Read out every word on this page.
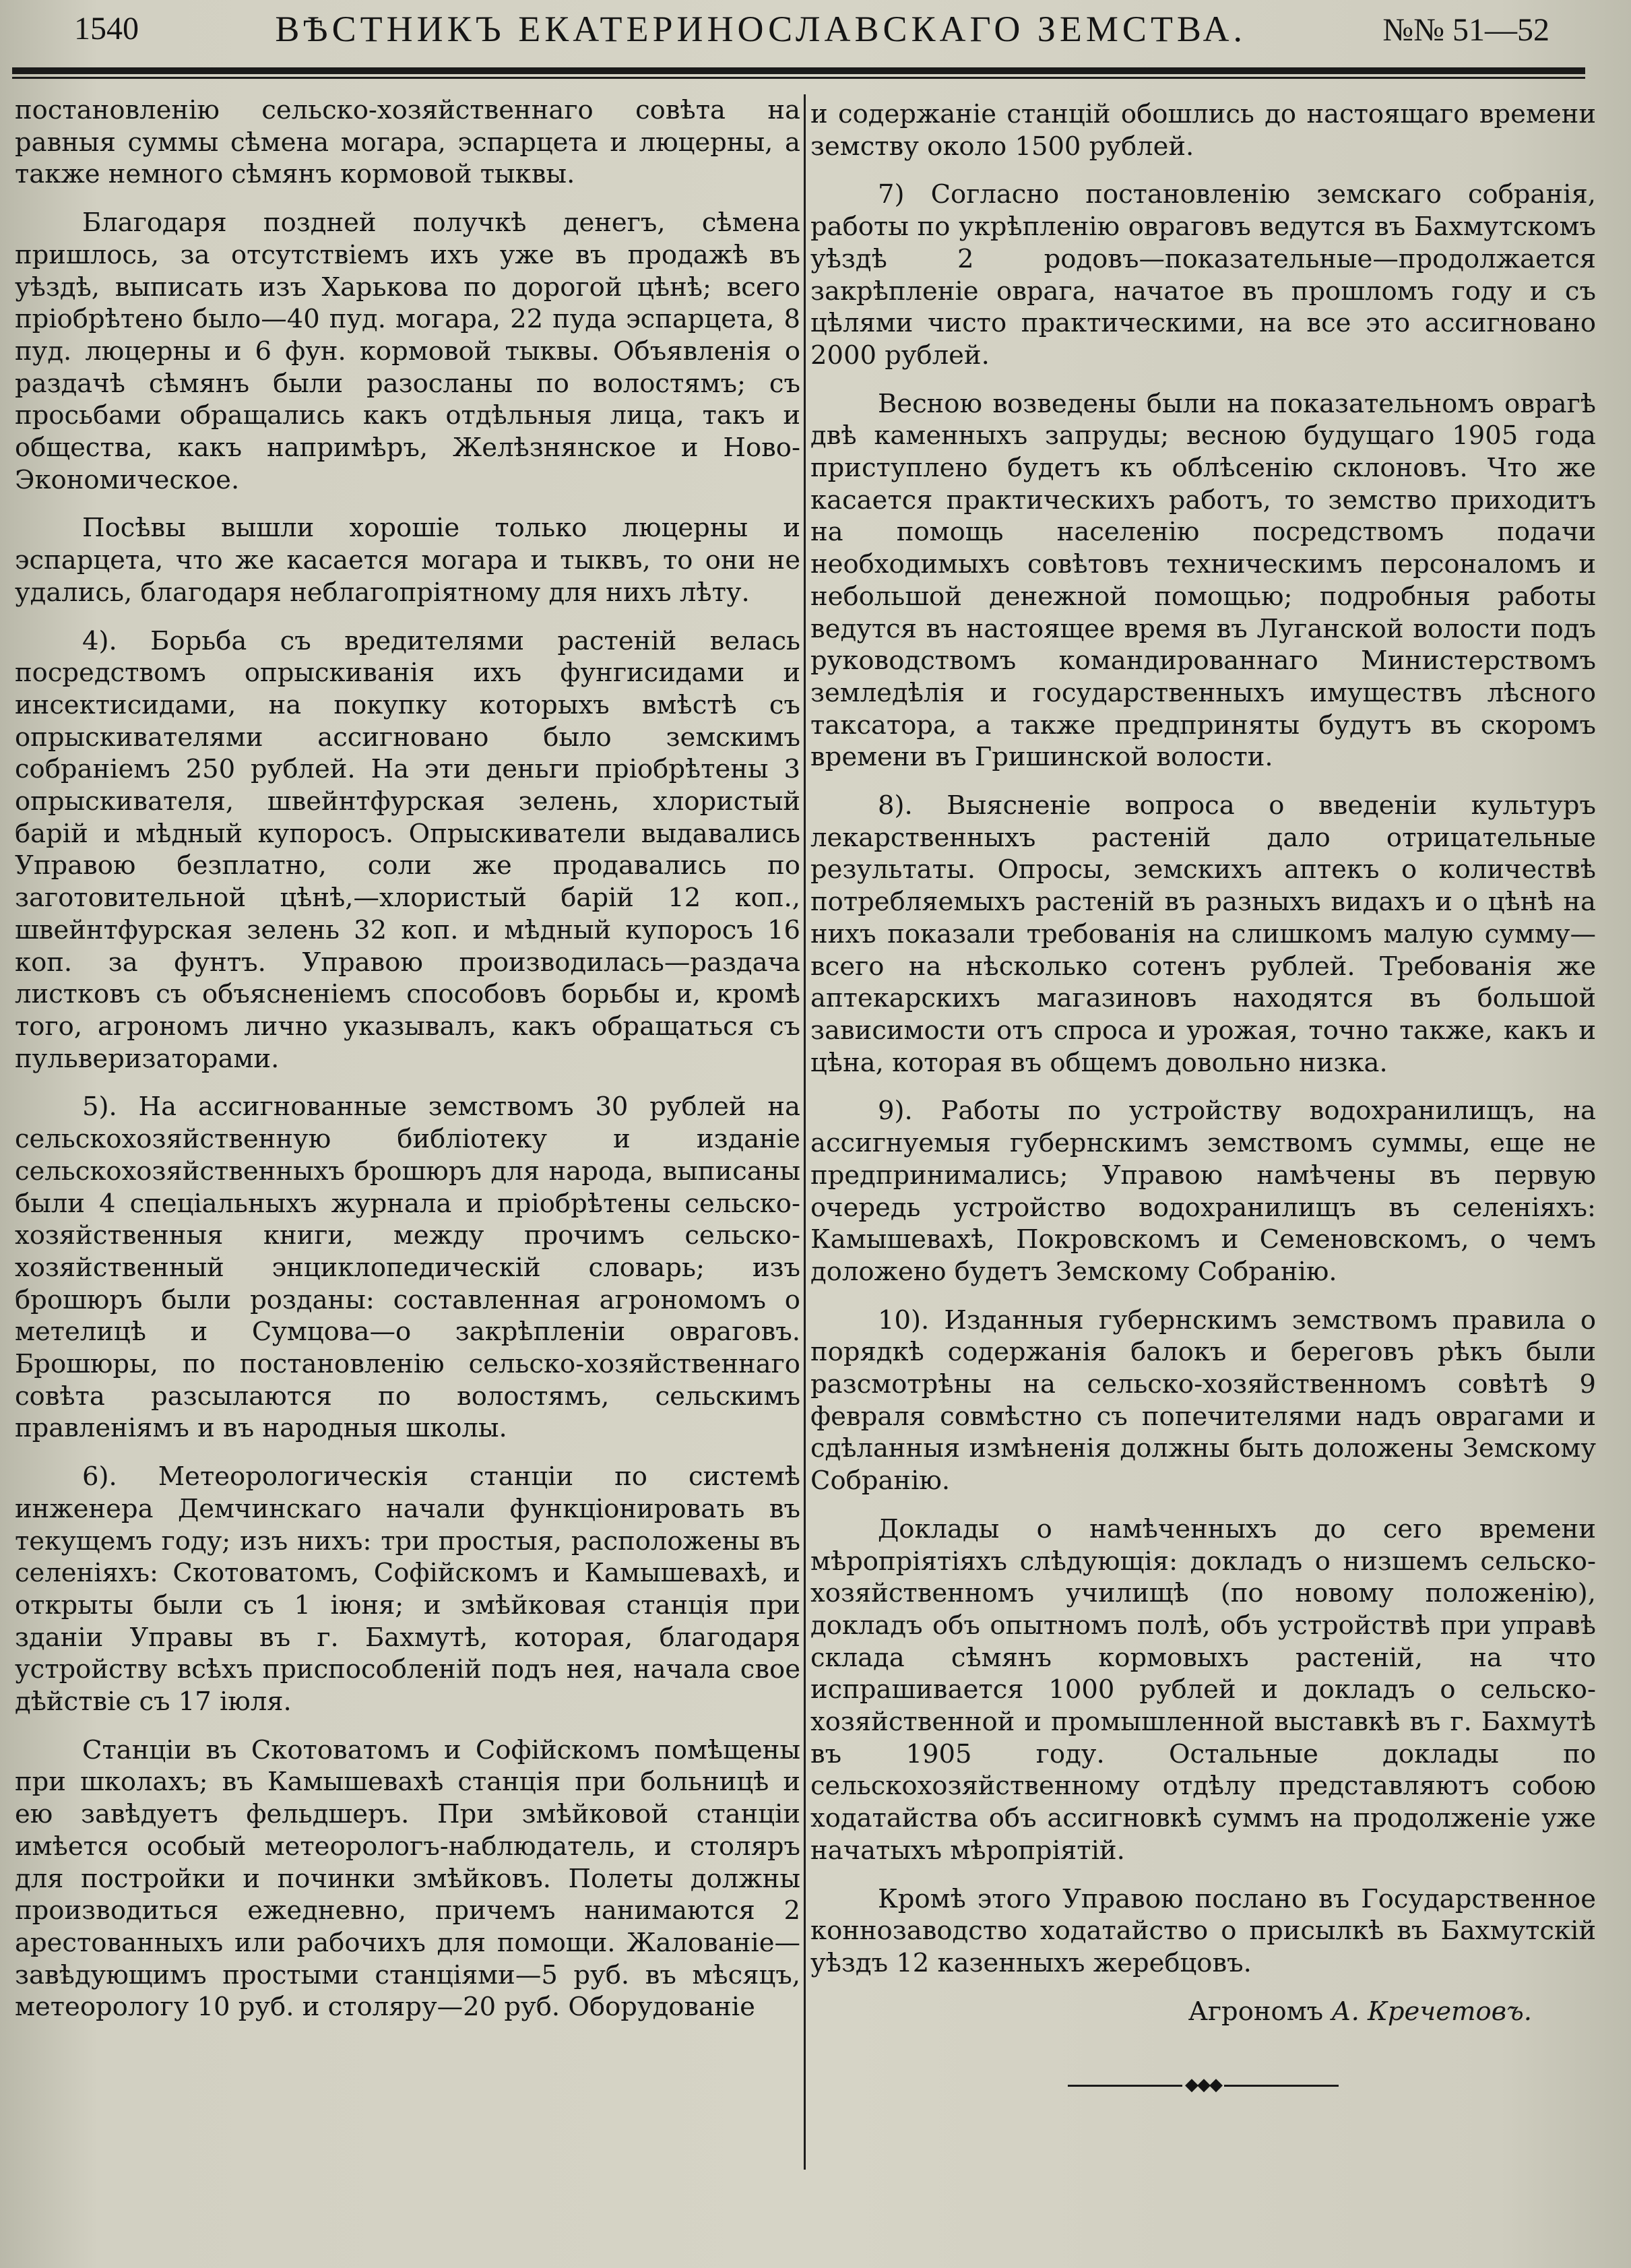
1540	ВѢСТНИКЪ ЕКАТЕРИНОСЛАВСКАГО ЗЕМСТВА.	№№ 51—52

постановленію сельско-хозяйственнаго совѣта на равныя суммы сѣмена могара, эспарцета и люцерны, а также немного сѣмянъ кормовой тыквы.

Благодаря поздней получкѣ денегъ, сѣмена пришлось, за отсутствіемъ ихъ уже въ продажѣ въ уѣздѣ, выписать изъ Харькова по дорогой цѣнѣ; всего пріобрѣтено было—40 пуд. могара, 22 пуда эспарцета, 8 пуд. люцерны и 6 фун. кормовой тыквы. Объявленія о раздачѣ сѣмянъ были разосланы по волостямъ; съ просьбами обращались какъ отдѣльныя лица, такъ и общества, какъ напримѣръ, Желѣзнянское и Ново-Экономическое.

Посѣвы вышли хорошіе только люцерны и эспарцета, что же касается могара и тыквъ, то они не удались, благодаря неблагопріятному для нихъ лѣту.

4). Борьба съ вредителями растеній велась посредствомъ опрыскиванія ихъ фунгисидами и инсектисидами, на покупку которыхъ вмѣстѣ съ опрыскивателями ассигновано было земскимъ собраніемъ 250 рублей. На эти деньги пріобрѣтены 3 опрыскивателя, швейнтфурская зелень, хлористый барій и мѣдный купоросъ. Опрыскиватели выдавались Управою безплатно, соли же продавались по заготовительной цѣнѣ,—хлористый барій 12 коп., швейнтфурская зелень 32 коп. и мѣдный купоросъ 16 коп. за фунтъ. Управою производилась—раздача листковъ съ объясненіемъ способовъ борьбы и, кромѣ того, агрономъ лично указывалъ, какъ обращаться съ пульверизаторами.

5). На ассигнованные земствомъ 30 рублей на сельскохозяйственную библіотеку и изданіе сельскохозяйственныхъ брошюръ для народа, выписаны были 4 спеціальныхъ журнала и пріобрѣтены сельско-хозяйственныя книги, между прочимъ сельско-хозяйственный энциклопедическій словарь; изъ брошюръ были розданы: составленная агрономомъ о метелицѣ и Сумцова—о закрѣпленіи овраговъ. Брошюры, по постановленію сельско-хозяйственнаго совѣта разсылаются по волостямъ, сельскимъ правленіямъ и въ народныя школы.

6). Метеорологическія станціи по системѣ инженера Демчинскаго начали функціонировать въ текущемъ году; изъ нихъ: три простыя, расположены въ селеніяхъ: Скотоватомъ, Софійскомъ и Камышевахѣ, и открыты были съ 1 іюня; и змѣйковая станція при зданіи Управы въ г. Бахмутѣ, которая, благодаря устройству всѣхъ приспособленій подъ нея, начала свое дѣйствіе съ 17 іюля.

Станціи въ Скотоватомъ и Софійскомъ помѣщены при школахъ; въ Камышевахѣ станція при больницѣ и ею завѣдуетъ фельдшеръ. При змѣйковой станціи имѣется особый метеорологъ-наблюдатель, и столяръ для постройки и починки змѣйковъ. Полеты должны производиться ежедневно, причемъ нанимаются 2 арестованныхъ или рабочихъ для помощи. Жалованіе—завѣдующимъ простыми станціями—5 руб. въ мѣсяцъ, метеорологу 10 руб. и столяру—20 руб. Оборудованіе

и содержаніе станцій обошлись до настоящаго времени земству около 1500 рублей.

7) Согласно постановленію земскаго собранія, работы по укрѣпленію овраговъ ведутся въ Бахмутскомъ уѣздѣ 2 родовъ—показательные—продолжается закрѣпленіе оврага, начатое въ прошломъ году и съ цѣлями чисто практическими, на все это ассигновано 2000 рублей.

Весною возведены были на показательномъ оврагѣ двѣ каменныхъ запруды; весною будущаго 1905 года приступлено будетъ къ облѣсенію склоновъ. Что же касается практическихъ работъ, то земство приходитъ на помощь населенію посредствомъ подачи необходимыхъ совѣтовъ техническимъ персоналомъ и небольшой денежной помощью; подробныя работы ведутся въ настоящее время въ Луганской волости подъ руководствомъ командированнаго Министерствомъ земледѣлія и государственныхъ имуществъ лѣсного таксатора, а также предприняты будутъ въ скоромъ времени въ Гришинской волости.

8). Выясненіе вопроса о введеніи культуръ лекарственныхъ растеній дало отрицательные результаты. Опросы, земскихъ аптекъ о количествѣ потребляемыхъ растеній въ разныхъ видахъ и о цѣнѣ на нихъ показали требованія на слишкомъ малую сумму—всего на нѣсколько сотенъ рублей. Требованія же аптекарскихъ магазиновъ находятся въ большой зависимости отъ спроса и урожая, точно также, какъ и цѣна, которая въ общемъ довольно низка.

9). Работы по устройству водохранилищъ, на ассигнуемыя губернскимъ земствомъ суммы, еще не предпринимались; Управою намѣчены въ первую очередь устройство водохранилищъ въ селеніяхъ: Камышевахѣ, Покровскомъ и Семеновскомъ, о чемъ доложено будетъ Земскому Собранію.

10). Изданныя губернскимъ земствомъ правила о порядкѣ содержанія балокъ и береговъ рѣкъ были разсмотрѣны на сельско-хозяйственномъ совѣтѣ 9 февраля совмѣстно съ попечителями надъ оврагами и сдѣланныя измѣненія должны быть доложены Земскому Собранію.

Доклады о намѣченныхъ до сего времени мѣропріятіяхъ слѣдующія: докладъ о низшемъ сельско-хозяйственномъ училищѣ (по новому положенію), докладъ объ опытномъ полѣ, объ устройствѣ при управѣ склада сѣмянъ кормовыхъ растеній, на что испрашивается 1000 рублей и докладъ о сельско-хозяйственной и промышленной выставкѣ въ г. Бахмутѣ въ 1905 году. Остальные доклады по сельскохозяйственному отдѣлу представляютъ собою ходатайства объ ассигновкѣ суммъ на продолженіе уже начатыхъ мѣропріятій.

Кромѣ этого Управою послано въ Государственное коннозаводство ходатайство о присылкѣ въ Бахмутскій уѣздъ 12 казенныхъ жеребцовъ.

Агрономъ А. Кречетовъ.
◆◆◆
